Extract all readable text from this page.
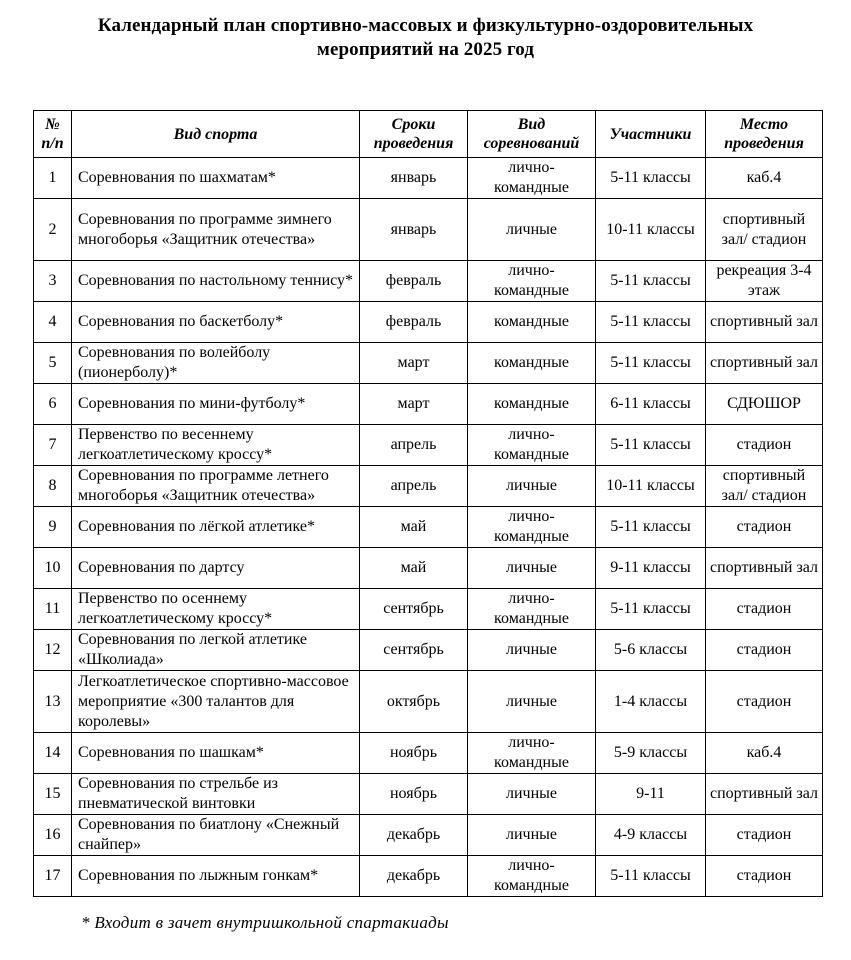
Календарный план спортивно-массовых и физкультурно-оздоровительных
мероприятий на 2025 год
№ п/п	Вид спорта	Сроки проведения	Вид соревнований	Участники	Место проведения
1	Соревнования по шахматам*	январь	лично-командные	5-11 классы	каб.4
2	Соревнования по программе зимнего многоборья «Защитник отечества»	январь	личные	10-11 классы	спортивный зал/ стадион
3	Соревнования по настольному теннису*	февраль	лично-командные	5-11 классы	рекреация 3-4 этаж
4	Соревнования по баскетболу*	февраль	командные	5-11 классы	спортивный зал
5	Соревнования по волейболу (пионерболу)*	март	командные	5-11 классы	спортивный зал
6	Соревнования по мини-футболу*	март	командные	6-11 классы	СДЮШОР
7	Первенство по весеннему легкоатлетическому кроссу*	апрель	лично-командные	5-11 классы	стадион
8	Соревнования по программе летнего многоборья «Защитник отечества»	апрель	личные	10-11 классы	спортивный зал/ стадион
9	Соревнования по лёгкой атлетике*	май	лично-командные	5-11 классы	стадион
10	Соревнования по дартсу	май	личные	9-11 классы	спортивный зал
11	Первенство по осеннему легкоатлетическому кроссу*	сентябрь	лично-командные	5-11 классы	стадион
12	Соревнования по легкой атлетике «Школиада»	сентябрь	личные	5-6 классы	стадион
13	Легкоатлетическое спортивно-массовое мероприятие «300 талантов для королевы»	октябрь	личные	1-4 классы	стадион
14	Соревнования по шашкам*	ноябрь	лично-командные	5-9 классы	каб.4
15	Соревнования по стрельбе из пневматической винтовки	ноябрь	личные	9-11	спортивный зал
16	Соревнования по биатлону «Снежный снайпер»	декабрь	личные	4-9 классы	стадион
17	Соревнования по лыжным гонкам*	декабрь	лично-командные	5-11 классы	стадион
* Входит в зачет внутришкольной спартакиады
